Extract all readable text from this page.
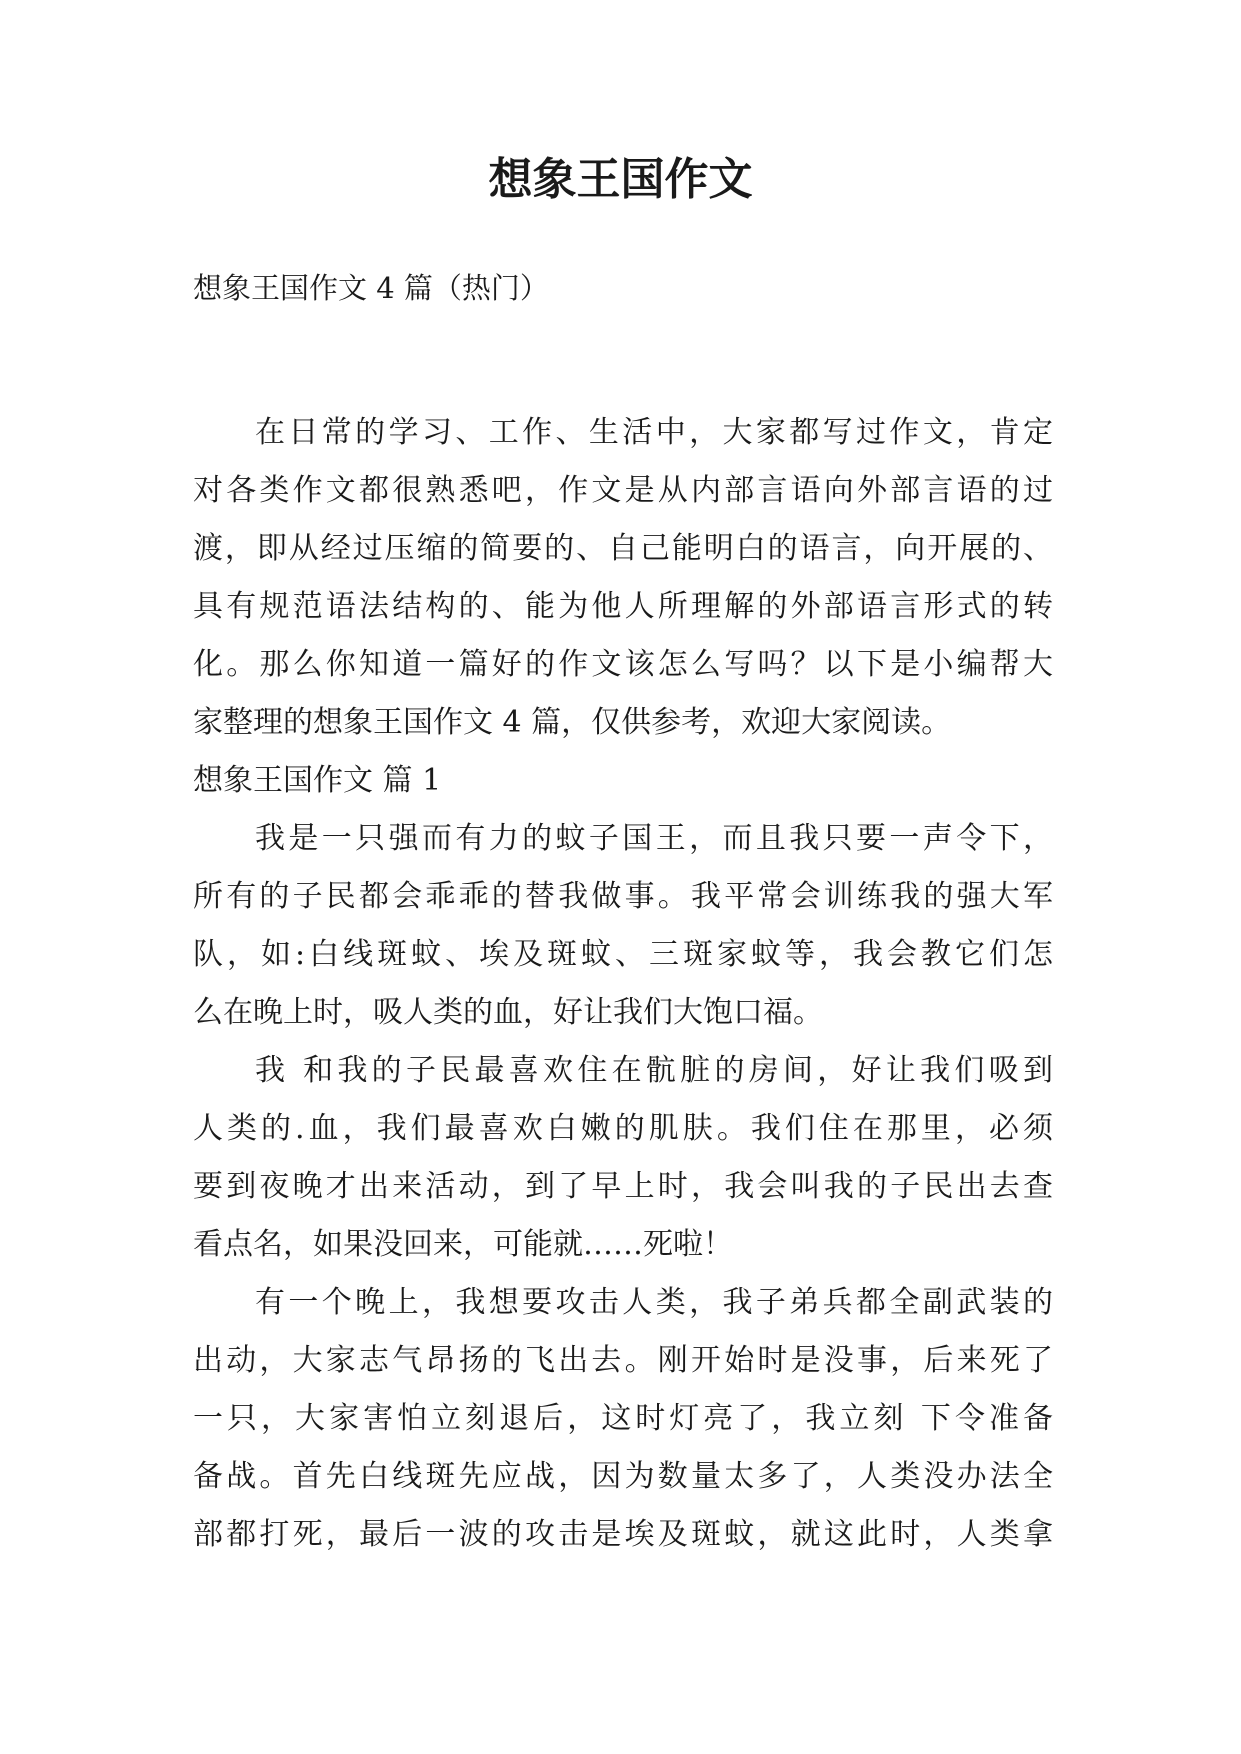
想象王国作文

想象王国作文 4 篇（热门）

在日常的学习、工作、生活中，大家都写过作文，肯定
对各类作文都很熟悉吧，作文是从内部言语向外部言语的过
渡，即从经过压缩的简要的、自己能明白的语言，向开展的、
具有规范语法结构的、能为他人所理解的外部语言形式的转
化。那么你知道一篇好的作文该怎么写吗？以下是小编帮大
家整理的想象王国作文 4 篇，仅供参考，欢迎大家阅读。
想象王国作文 篇 1
我是一只强而有力的蚊子国王，而且我只要一声令下，
所有的子民都会乖乖的替我做事。我平常会训练我的强大军
队，如:白线斑蚊、埃及斑蚊、三斑家蚊等，我会教它们怎
么在晚上时，吸人类的血，好让我们大饱口福。
我 和我的子民最喜欢住在骯脏的房间，好让我们吸到
人类的.血，我们最喜欢白嫩的肌肤。我们住在那里，必须
要到夜晚才出来活动，到了早上时，我会叫我的子民出去查
看点名，如果没回来，可能就……死啦！
有一个晚上，我想要攻击人类，我子弟兵都全副武装的
出动，大家志气昂扬的飞出去。刚开始时是没事，后来死了
一只，大家害怕立刻退后，这时灯亮了，我立刻 下令准备
备战。首先白线斑先应战，因为数量太多了，人类没办法全
部都打死，最后一波的攻击是埃及斑蚊，就这此时，人类拿
